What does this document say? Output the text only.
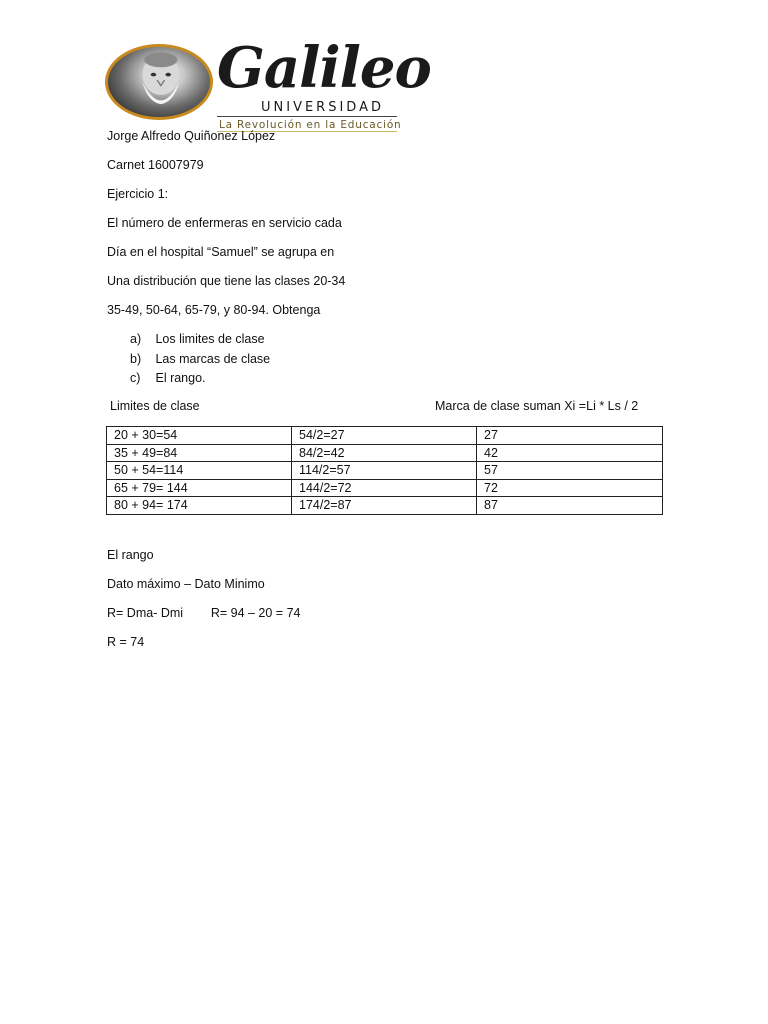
Galileo
UNIVERSIDAD
La Revolución en la Educación
Jorge Alfredo Quiñonez López
Carnet 16007979
Ejercicio 1:
El número de enfermeras en servicio cada
Día en el hospital “Samuel” se agrupa en
Una distribución que tiene las clases 20-34
35-49, 50-64, 65-79, y 80-94. Obtenga
a) Los limites de clase
b) Las marcas de clase
c) El rango.
Limites de clase	Marca de clase suman Xi =Li * Ls / 2
20 + 30=54	54/2=27	27
35 + 49=84	84/2=42	42
50 + 54=114	114/2=57	57
65 + 79= 144	144/2=72	72
80 + 94= 174	174/2=87	87
El rango
Dato máximo – Dato Minimo
R= Dma- Dmi        R= 94 – 20 = 74
R = 74
